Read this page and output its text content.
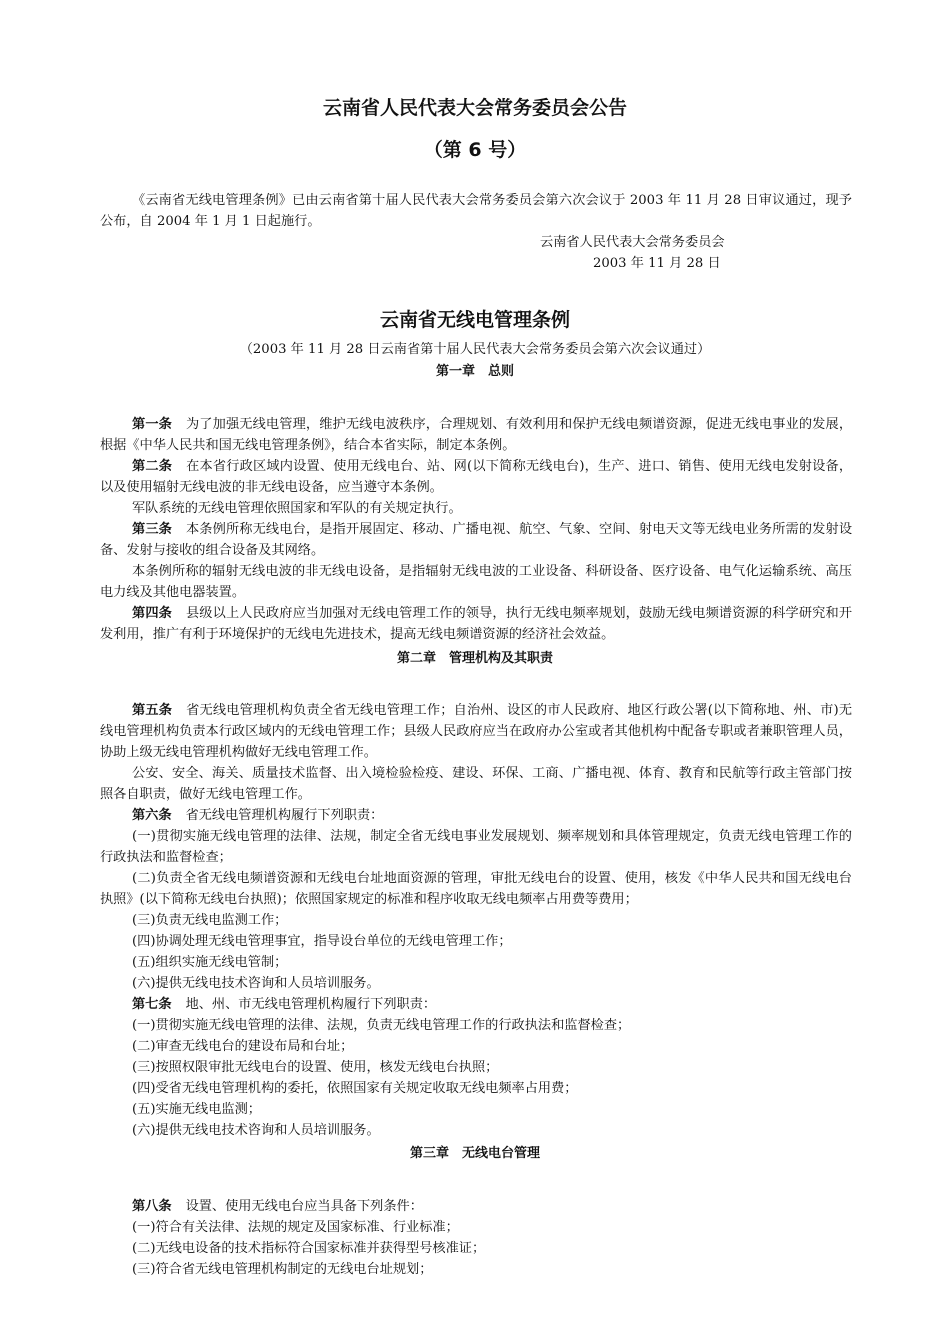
云南省人民代表大会常务委员会公告
（第 6 号）
《云南省无线电管理条例》已由云南省第十届人民代表大会常务委员会第六次会议于 2003 年 11 月 28 日审议通过，现予公布，自 2004 年 1 月 1 日起施行。
云南省人民代表大会常务委员会
2003 年 11 月 28 日
云南省无线电管理条例
（2003 年 11 月 28 日云南省第十届人民代表大会常务委员会第六次会议通过）
第一章　总则
第一条 为了加强无线电管理，维护无线电波秩序，合理规划、有效利用和保护无线电频谱资源，促进无线电事业的发展，根据《中华人民共和国无线电管理条例》，结合本省实际，制定本条例。
第二条 在本省行政区域内设置、使用无线电台、站、网(以下简称无线电台)，生产、进口、销售、使用无线电发射设备，以及使用辐射无线电波的非无线电设备，应当遵守本条例。
军队系统的无线电管理依照国家和军队的有关规定执行。
第三条 本条例所称无线电台，是指开展固定、移动、广播电视、航空、气象、空间、射电天文等无线电业务所需的发射设备、发射与接收的组合设备及其网络。
本条例所称的辐射无线电波的非无线电设备，是指辐射无线电波的工业设备、科研设备、医疗设备、电气化运输系统、高压电力线及其他电器装置。
第四条 县级以上人民政府应当加强对无线电管理工作的领导，执行无线电频率规划，鼓励无线电频谱资源的科学研究和开发利用，推广有利于环境保护的无线电先进技术，提高无线电频谱资源的经济社会效益。
第二章　管理机构及其职责
第五条 省无线电管理机构负责全省无线电管理工作；自治州、设区的市人民政府、地区行政公署(以下简称地、州、市)无线电管理机构负责本行政区域内的无线电管理工作；县级人民政府应当在政府办公室或者其他机构中配备专职或者兼职管理人员，协助上级无线电管理机构做好无线电管理工作。
公安、安全、海关、质量技术监督、出入境检验检疫、建设、环保、工商、广播电视、体育、教育和民航等行政主管部门按照各自职责，做好无线电管理工作。
第六条 省无线电管理机构履行下列职责：
(一)贯彻实施无线电管理的法律、法规，制定全省无线电事业发展规划、频率规划和具体管理规定，负责无线电管理工作的行政执法和监督检查；
(二)负责全省无线电频谱资源和无线电台址地面资源的管理，审批无线电台的设置、使用，核发《中华人民共和国无线电台执照》(以下简称无线电台执照)；依照国家规定的标准和程序收取无线电频率占用费等费用；
(三)负责无线电监测工作；
(四)协调处理无线电管理事宜，指导设台单位的无线电管理工作；
(五)组织实施无线电管制；
(六)提供无线电技术咨询和人员培训服务。
第七条 地、州、市无线电管理机构履行下列职责：
(一)贯彻实施无线电管理的法律、法规，负责无线电管理工作的行政执法和监督检查；
(二)审查无线电台的建设布局和台址；
(三)按照权限审批无线电台的设置、使用，核发无线电台执照；
(四)受省无线电管理机构的委托，依照国家有关规定收取无线电频率占用费；
(五)实施无线电监测；
(六)提供无线电技术咨询和人员培训服务。
第三章　无线电台管理
第八条 设置、使用无线电台应当具备下列条件：
(一)符合有关法律、法规的规定及国家标准、行业标准；
(二)无线电设备的技术指标符合国家标准并获得型号核准证；
(三)符合省无线电管理机构制定的无线电台址规划；
